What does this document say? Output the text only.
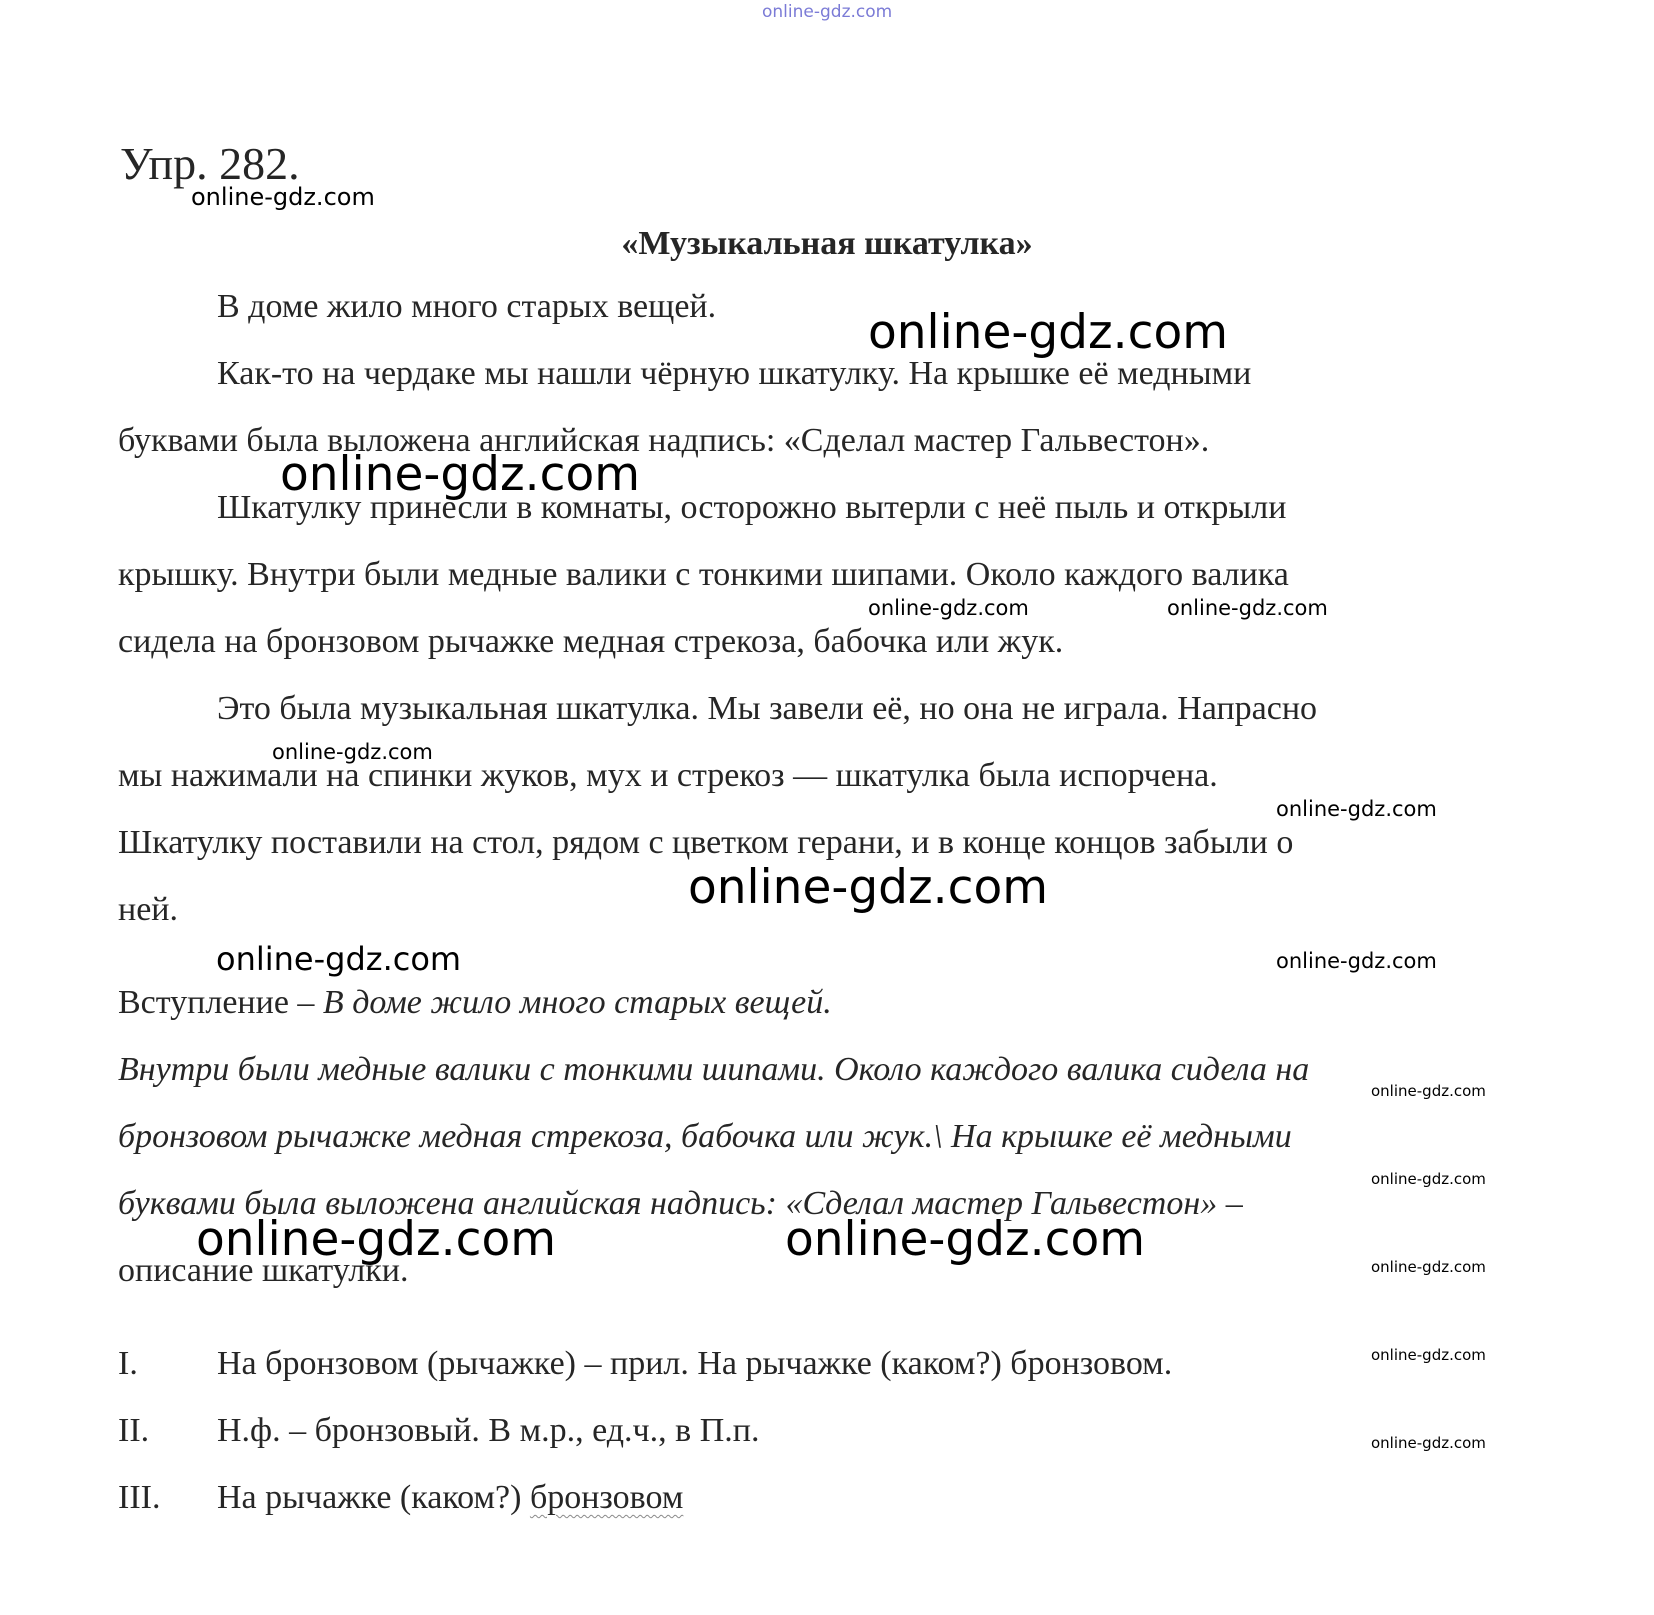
online-gdz.com
Упр. 282.
online-gdz.com
«Музыкальная шкатулка»
В доме жило много старых вещей.	online-gdz.com
Как-то на чердаке мы нашли чёрную шкатулку. На крышке её медными
буквами была выложена английская надпись: «Сделал мастер Гальвестон».
online-gdz.com
Шкатулку принесли в комнаты, осторожно вытерли с неё пыль и открыли
крышку. Внутри были медные валики с тонкими шипами. Около каждого валика
online-gdz.com	online-gdz.com
сидела на бронзовом рычажке медная стрекоза, бабочка или жук.
Это была музыкальная шкатулка. Мы завели её, но она не играла. Напрасно
online-gdz.com
мы нажимали на спинки жуков, мух и стрекоз — шкатулка была испорчена.
online-gdz.com
Шкатулку поставили на стол, рядом с цветком герани, и в конце концов забыли о
online-gdz.com
ней.
online-gdz.com	online-gdz.com
Вступление – В доме жило много старых вещей.
Внутри были медные валики с тонкими шипами. Около каждого валика сидела на
online-gdz.com
бронзовом рычажке медная стрекоза, бабочка или жук.\ На крышке её медными
online-gdz.com
буквами была выложена английская надпись: «Сделал мастер Гальвестон» –
online-gdz.com	online-gdz.com
описание шкатулки.	online-gdz.com
I. На бронзовом (рычажке) – прил. На рычажке (каком?) бронзовом.	online-gdz.com
II. Н.ф. – бронзовый. В м.р., ед.ч., в П.п.	online-gdz.com
III. На рычажке (каком?) бронзовом
